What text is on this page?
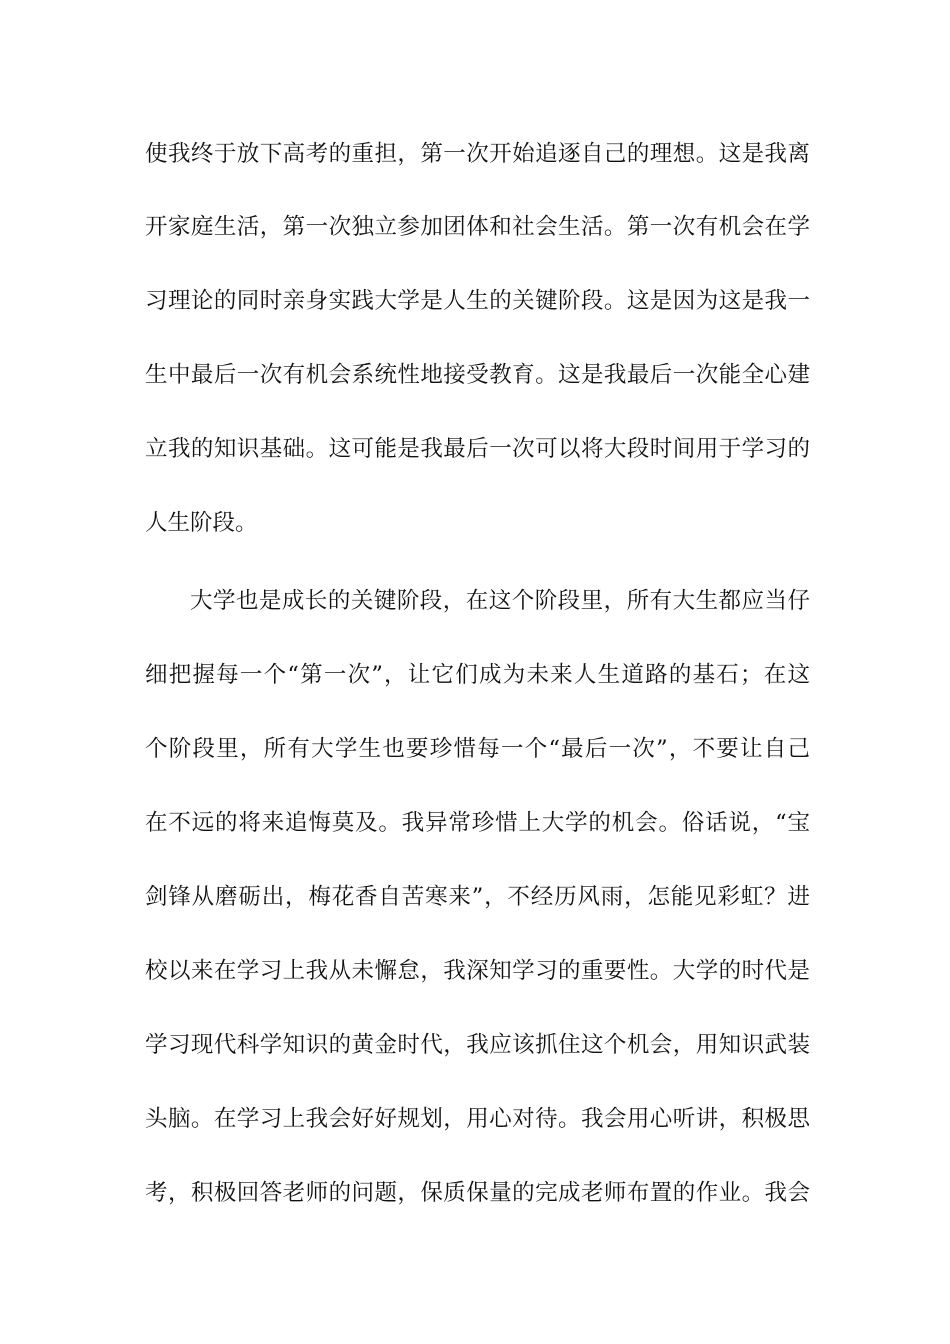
使我终于放下高考的重担，第一次开始追逐自己的理想。这是我离
开家庭生活，第一次独立参加团体和社会生活。第一次有机会在学
习理论的同时亲身实践大学是人生的关键阶段。这是因为这是我一
生中最后一次有机会系统性地接受教育。这是我最后一次能全心建
立我的知识基础。这可能是我最后一次可以将大段时间用于学习的
人生阶段。
大学也是成长的关键阶段，在这个阶段里，所有大生都应当仔
细把握每一个“第一次”，让它们成为未来人生道路的基石；在这
个阶段里，所有大学生也要珍惜每一个“最后一次”，不要让自己
在不远的将来追悔莫及。我异常珍惜上大学的机会。俗话说，“宝
剑锋从磨砺出，梅花香自苦寒来”，不经历风雨，怎能见彩虹？进
校以来在学习上我从未懈怠，我深知学习的重要性。大学的时代是
学习现代科学知识的黄金时代，我应该抓住这个机会，用知识武装
头脑。在学习上我会好好规划，用心对待。我会用心听讲，积极思
考，积极回答老师的问题，保质保量的完成老师布置的作业。我会
